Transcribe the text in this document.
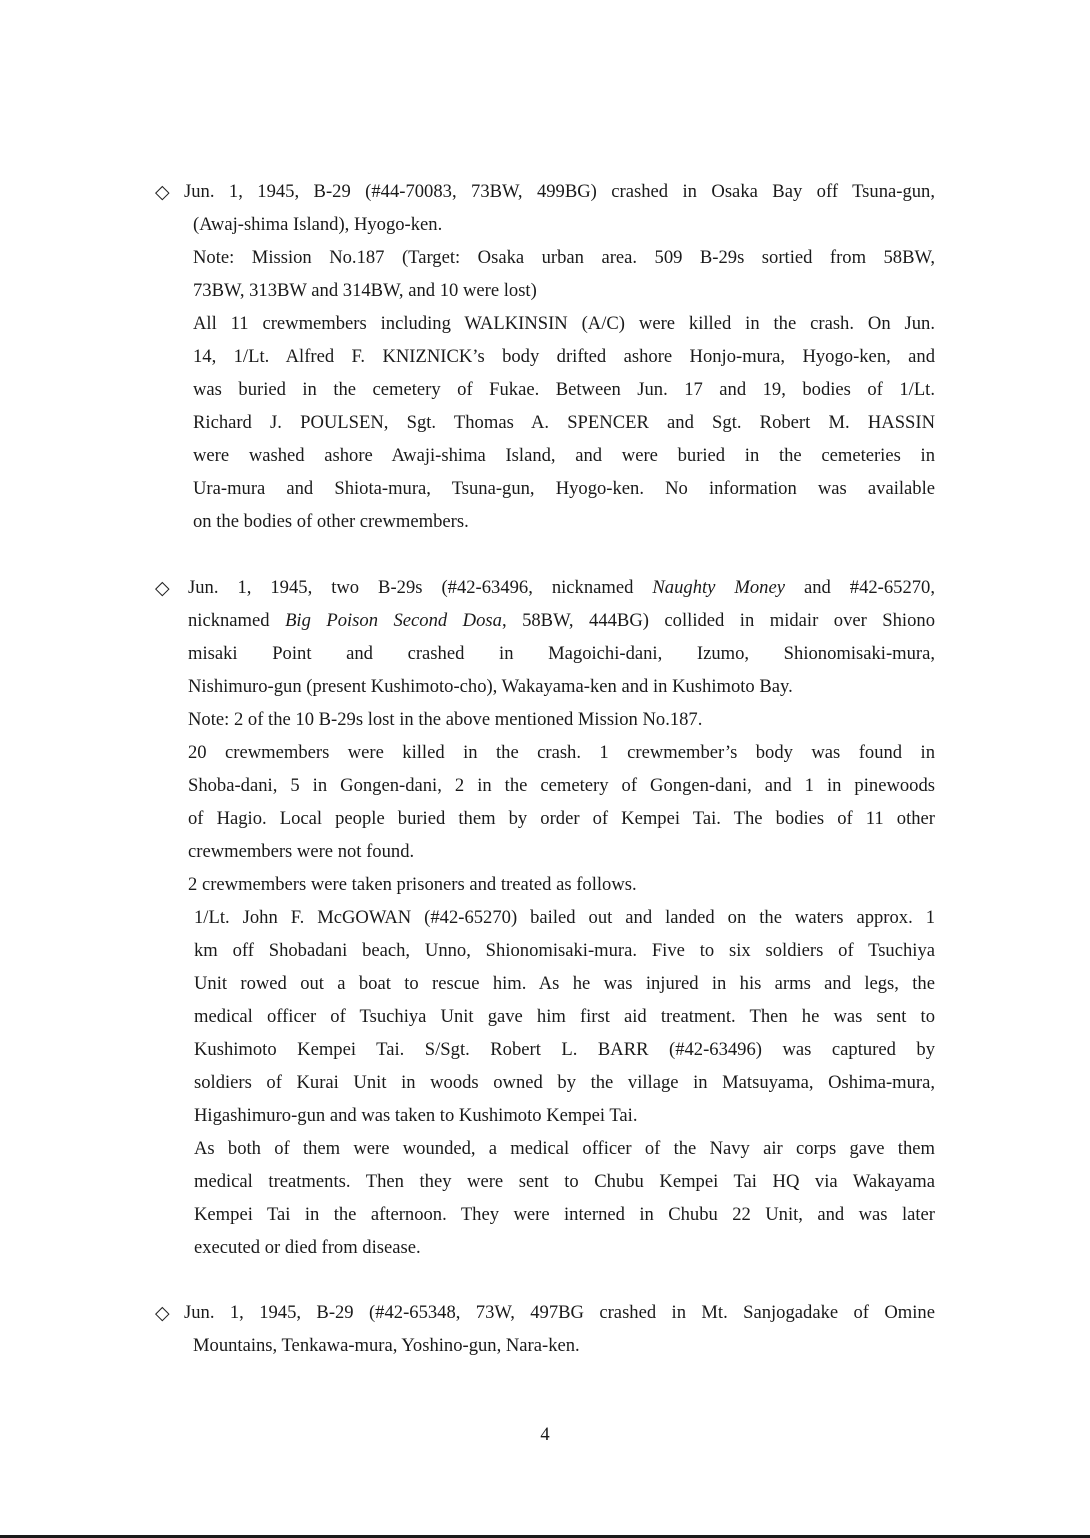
◇ Jun. 1, 1945, B-29 (#44-70083, 73BW, 499BG) crashed in Osaka Bay off Tsuna-gun,
(Awaj-shima Island), Hyogo-ken.
Note: Mission No.187 (Target: Osaka urban area. 509 B-29s sortied from 58BW,
73BW, 313BW and 314BW, and 10 were lost)
All 11 crewmembers including WALKINSIN (A/C) were killed in the crash. On Jun.
14, 1/Lt. Alfred F. KNIZNICK’s body drifted ashore Honjo-mura, Hyogo-ken, and
was buried in the cemetery of Fukae. Between Jun. 17 and 19, bodies of 1/Lt.
Richard J. POULSEN, Sgt. Thomas A. SPENCER and Sgt. Robert M. HASSIN
were washed ashore Awaji-shima Island, and were buried in the cemeteries in
Ura-mura and Shiota-mura, Tsuna-gun, Hyogo-ken. No information was available
on the bodies of other crewmembers.
◇ Jun. 1, 1945, two B-29s (#42-63496, nicknamed Naughty Money and #42-65270,
nicknamed Big Poison Second Dosa, 58BW, 444BG) collided in midair over Shiono
misaki Point and crashed in Magoichi-dani, Izumo, Shionomisaki-mura,
Nishimuro-gun (present Kushimoto-cho), Wakayama-ken and in Kushimoto Bay.
Note: 2 of the 10 B-29s lost in the above mentioned Mission No.187.
20 crewmembers were killed in the crash. 1 crewmember’s body was found in
Shoba-dani, 5 in Gongen-dani, 2 in the cemetery of Gongen-dani, and 1 in pinewoods
of Hagio. Local people buried them by order of Kempei Tai. The bodies of 11 other
crewmembers were not found.
2 crewmembers were taken prisoners and treated as follows.
1/Lt. John F. McGOWAN (#42-65270) bailed out and landed on the waters approx. 1
km off Shobadani beach, Unno, Shionomisaki-mura. Five to six soldiers of Tsuchiya
Unit rowed out a boat to rescue him. As he was injured in his arms and legs, the
medical officer of Tsuchiya Unit gave him first aid treatment. Then he was sent to
Kushimoto Kempei Tai. S/Sgt. Robert L. BARR (#42-63496) was captured by
soldiers of Kurai Unit in woods owned by the village in Matsuyama, Oshima-mura,
Higashimuro-gun and was taken to Kushimoto Kempei Tai.
As both of them were wounded, a medical officer of the Navy air corps gave them
medical treatments. Then they were sent to Chubu Kempei Tai HQ via Wakayama
Kempei Tai in the afternoon. They were interned in Chubu 22 Unit, and was later
executed or died from disease.
◇ Jun. 1, 1945, B-29 (#42-65348, 73W, 497BG crashed in Mt. Sanjogadake of Omine
Mountains, Tenkawa-mura, Yoshino-gun, Nara-ken.
4
